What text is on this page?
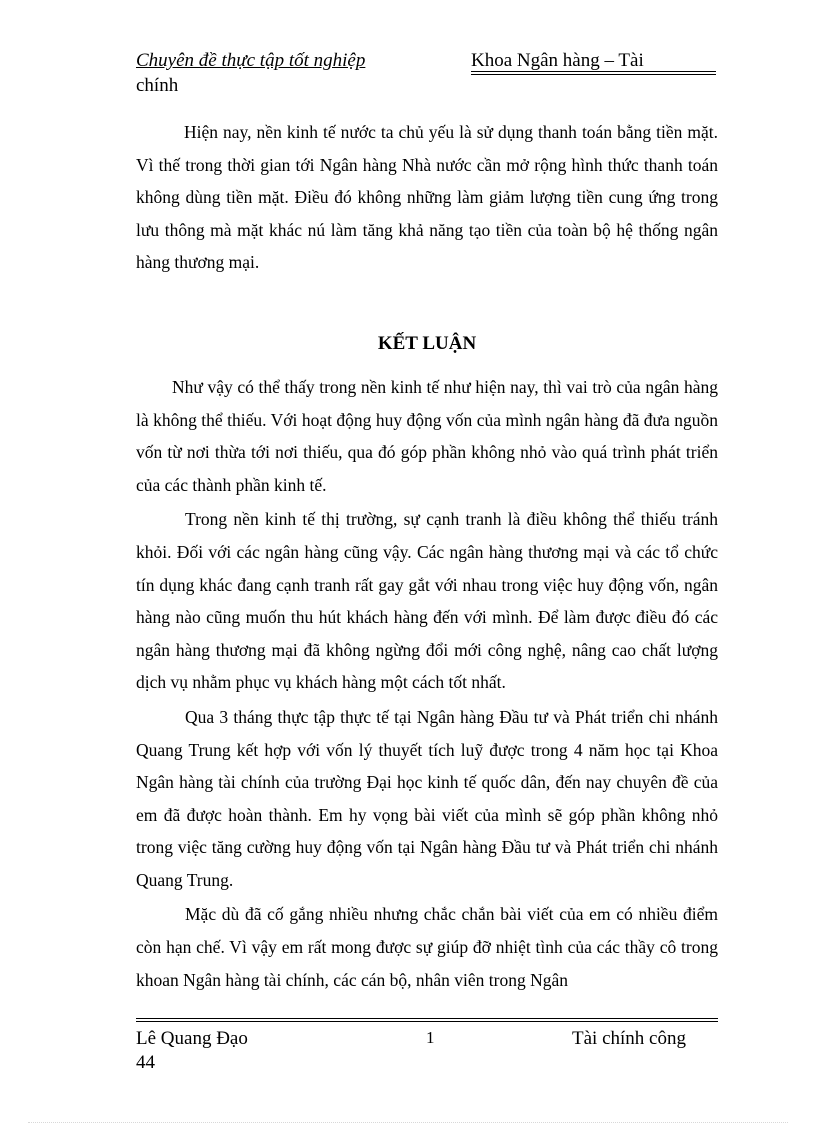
Chuyên đề thực tập tốt nghiệp	Khoa Ngân hàng – Tài
chính

Hiện nay, nền kinh tế nước ta chủ yếu là sử dụng thanh toán bằng tiền mặt. Vì thế trong thời gian tới Ngân hàng Nhà nước cần mở rộng hình thức thanh toán không dùng tiền mặt. Điều đó không những làm giảm lượng tiền cung ứng trong lưu thông mà mặt khác nú làm tăng khả năng tạo tiền của toàn bộ hệ thống ngân hàng thương mại.

KẾT LUẬN

Như vậy có thể thấy trong nền kinh tế như hiện nay, thì vai trò của ngân hàng là không thể thiếu. Với hoạt động huy động vốn của mình ngân hàng đã đưa nguồn vốn từ nơi thừa tới nơi thiếu, qua đó góp phần không nhỏ vào quá trình phát triển của các thành phần kinh tế.

Trong nền kinh tế thị trường, sự cạnh tranh là điều không thể thiếu tránh khỏi. Đối với các ngân hàng cũng vậy. Các ngân hàng thương mại và các tổ chức tín dụng khác đang cạnh tranh rất gay gắt với nhau trong việc huy động vốn, ngân hàng nào cũng muốn thu hút khách hàng đến với mình. Để làm được điều đó các ngân hàng thương mại đã không ngừng đổi mới công nghệ, nâng cao chất lượng dịch vụ nhằm phục vụ khách hàng một cách tốt nhất.

Qua 3 tháng thực tập thực tế tại Ngân hàng Đầu tư và Phát triển chi nhánh Quang Trung kết hợp với vốn lý thuyết tích luỹ được trong 4 năm học tại Khoa Ngân hàng tài chính của trường Đại học kinh tế quốc dân, đến nay chuyên đề của em đã được hoàn thành. Em hy vọng bài viết của mình sẽ góp phần không nhỏ trong việc tăng cường huy động vốn tại Ngân hàng Đầu tư và Phát triển chi nhánh Quang Trung.

Mặc dù đã cố gắng nhiều nhưng chắc chắn bài viết của em có nhiều điểm còn hạn chế. Vì vậy em rất mong được sự giúp đỡ nhiệt tình của các thầy cô trong khoan Ngân hàng tài chính, các cán bộ, nhân viên trong Ngân

Lê Quang Đạo	1	Tài chính công
44
